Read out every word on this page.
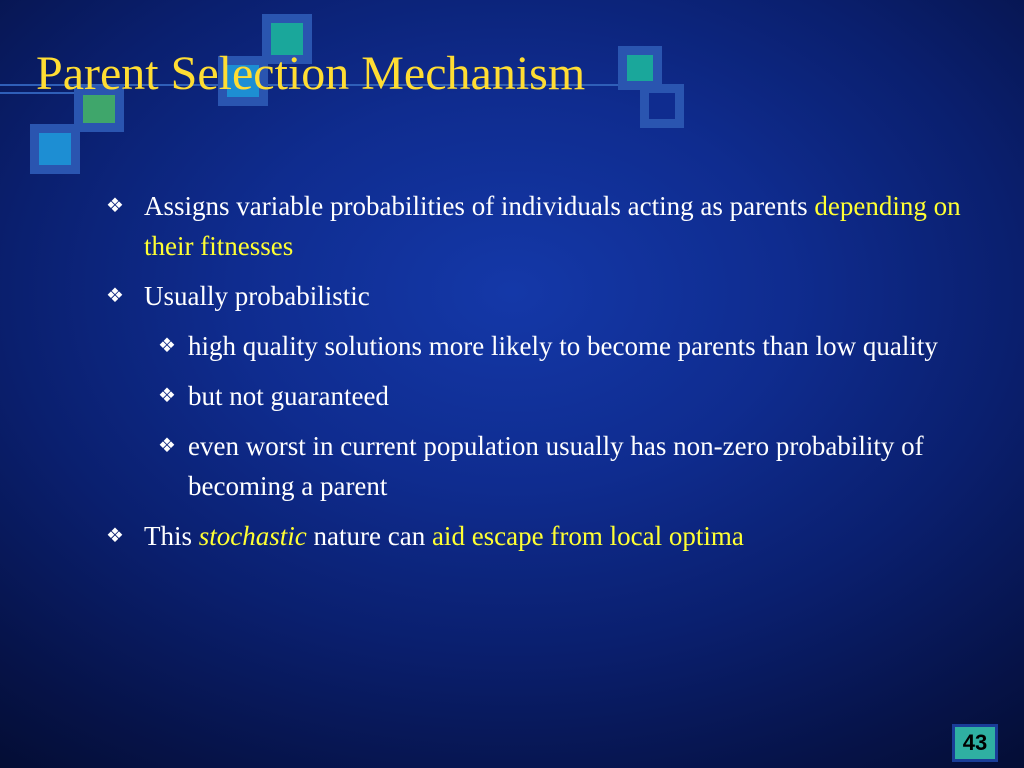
Parent Selection Mechanism
❖ Assigns variable probabilities of individuals acting as parents depending on their fitnesses
❖ Usually probabilistic
❖ high quality solutions more likely to become parents than low quality
❖ but not guaranteed
❖ even worst in current population usually has non-zero probability of becoming a parent
❖ This stochastic nature can aid escape from local optima
43
